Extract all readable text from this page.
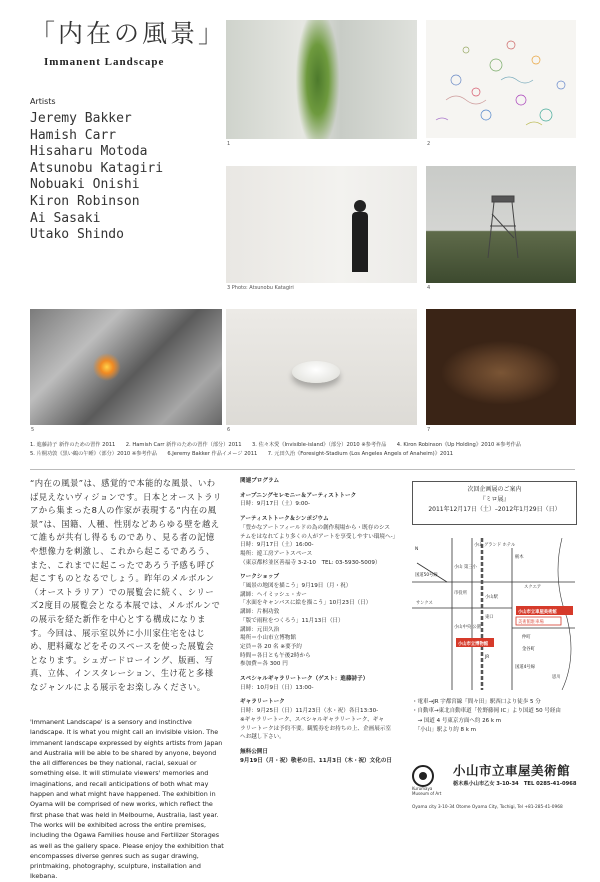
「内在の風景」
Immanent Landscape
Artists
Jeremy Bakker
Hamish Carr
Hisaharu Motoda
Atsunobu Katagiri
Nobuaki Onishi
Kiron Robinson
Ai Sasaki
Utako Shindo
1	2
3 Photo: Atsunobu Katagiri	4
5	6	7
1. 進藤詩子 新作のための習作 2011　　2. Hamish Carr 新作のための習作（部分）2011　　3. 佐々木愛《Invisible-island》（部分）2010 ※参考作品　　4. Kiron Robinson《Up Holding》2010 ※参考作品
5. 片桐功敦《黒い鶴の午睡》（部分）2010 ※参考作品　　6.Jeremy Bakker 作品イメージ 2011　　7. 元田久治《Foresight-Stadium (Los Angeles Angels of Anaheim)》2011
“内在の風景”は、感覚的で本能的な風景、いわば見えないヴィジョンです。日本とオーストラリアから集まった8人の作家が表現する“内在の風景”は、国籍、人種、性別などあらゆる壁を越えて誰もが共有し得るものであり、見る者の記憶や想像力を刺激し、これから起こるであろう、また、これまでに起こったであろう予感も呼び起こすものとなるでしょう。昨年のメルボルン（オーストラリア）での展覧会に続く、シリーズ2度目の展覧会となる本展では、メルボルンでの展示を経た新作を中心とする構成になります。今回は、展示室以外に小川家住宅をはじめ、肥料蔵などをそのスペースを使った展覧会となります。シュガードローイング、版画、写真、立体、インスタレーション、生け花と多様なジャンルによる展示をお楽しみください。
'Immanent Landscape' is a sensory and instinctive landscape. It is what you might call an invisible vision. The immanent landscape expressed by eights artists from Japan and Australia will be able to be shared by anyone, beyond the all differences be they national, racial, sexual or something else. It will stimulate viewers' memories and imaginations, and recall anticipations of both what may happen and what might have happened. The exhibition in Oyama will be comprised of new works, which reflect the first phase that was held in Melbourne, Australia, last year. The works will be exhibited across the entire premises, including the Ogawa Families house and Fertilizer Storages as well as the gallery space. Please enjoy the exhibition that encompasses diverse genres such as sugar drawing, printmaking, photography, sculpture, installation and Ikebana.
関連プログラム
オープニングセレモニー＆アーティストトーク
日時：9月17日（土）9:00-
アーティストトーク＆シンポジウム
「豊かなアートフィールドの為の創作現場から・既存のシス
テムをはなれてより多くの人がアートを享受しやすい環境へ-」
日時：9月17日（土）16:00-
場所：遊工房アートスペース
（東京都杉並区善福寺 3-2-10　TEL: 03-5930-5009）
ワークショップ
「風景の地図を描こう」9月19日（月・祝）
講師：ヘイミッシュ・カー
「水面をキャンバスに絵を描こう」10月23日（日）
講師：片桐功敦
「版で雨粒をつくろう」11月13日（日）
講師：元田久治
場所＝小山市立博物館
定員＝各 20 名 ※要予約
時間＝各日とも午後2時から
参加費＝各 300 円
スペシャルギャラリートーク（ゲスト：進藤詩子）
日時：10月9日（日）13:00-
ギャラリートーク
日時：9月25日（日）11月23日（水・祝）各日13:30-
※ギャラリートーク、スペシャルギャラリートーク、ギャ
ラリートークは予約不要。観覧券をお持ちの上、企画展示室
へお越し下さい。
無料公開日
9月19日（月・祝）敬老の日、11月3日（木・祝）文化の日
次回企画展のご案内
『ミロ展』
2011年12月17日（土）–2012年1月29日（日）
小山市立車屋美術館
美術館駐車場
小山市立博物館
国道50号線
サンクス
市役所
小山駅
JR
国道4号線
思川
N
栃木
小山 グランド ホテル
小山 第三小
小山中央 公園
仲町
金谷町
スクエア
東口
・電車→JR 宇都宮線「間々田」駅西口より徒歩 5 分
・自動車→東北自動車道「佐野藤岡 IC」より国道 50 号経由
　→ 国道 4 号東京方面へ約 26 k m
　「小山」駅より約 8 k m
Kurumaya Museum of Art
小山市立車屋美術館
栃木県小山市乙女 3-10-34　 TEL 0285-41-0968
Oyama city 3-10-34 Otome Oyama City, Tochigi, Tel +81-285-41-0968
